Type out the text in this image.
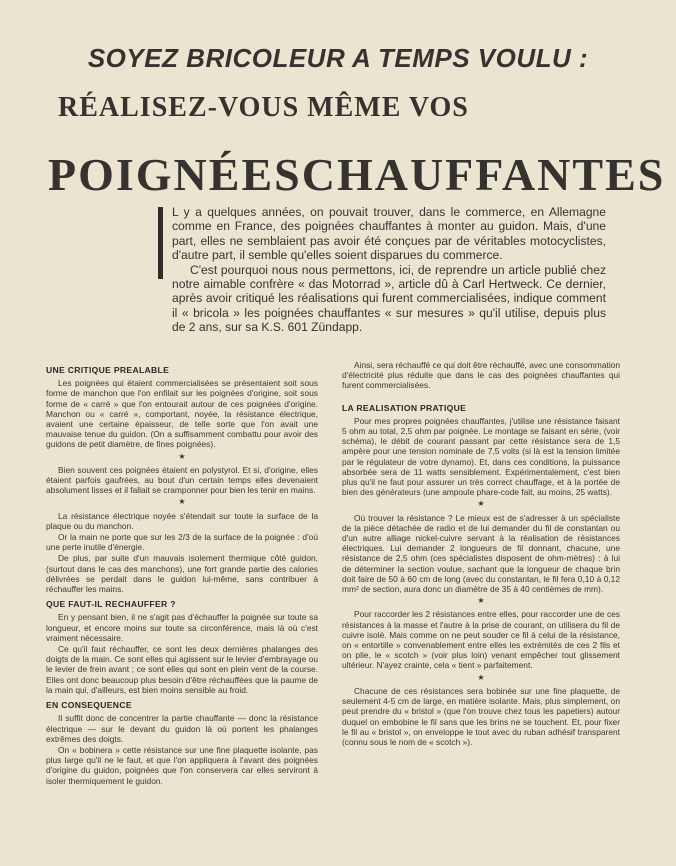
SOYEZ BRICOLEUR A TEMPS VOULU :
RÉALISEZ-VOUS MÊME VOS
POIGNÉES CHAUFFANTES

L y a quelques années, on pouvait trouver, dans le commerce, en Allemagne comme en France, des poignées chauffantes à monter au guidon. Mais, d'une part, elles ne semblaient pas avoir été conçues par de véritables motocyclistes, d'autre part, il semble qu'elles soient disparues du commerce.

C'est pourquoi nous nous permettons, ici, de reprendre un article publié chez notre aimable confrère « das Motorrad », article dû à Carl Hertweck. Ce dernier, après avoir critiqué les réalisations qui furent commercialisées, indique comment il « bricola » les poignées chauffantes « sur mesures » qu'il utilise, depuis plus de 2 ans, sur sa K.S. 601 Zündapp.

UNE CRITIQUE PREALABLE

Les poignées qui étaient commercialisées se présentaient soit sous forme de manchon que l'on enfilait sur les poignées d'origine, soit sous forme de « carré » que l'on entourait autour de ces poignées d'origine. Manchon ou « carré », comportant, noyée, la résistance électrique, avaient une certaine épaisseur, de telle sorte que l'on avait une mauvaise tenue du guidon. (On a suffisamment combattu pour avoir des guidons de petit diamètre, de fines poignées).

★

Bien souvent ces poignées étaient en polystyrol. Et si, d'origine, elles étaient parfois gaufrées, au bout d'un certain temps elles devenaient absolument lisses et il fallait se cramponner pour bien les tenir en mains.

★

La résistance électrique noyée s'étendait sur toute la surface de la plaque ou du manchon.

Or la main ne porte que sur les 2/3 de la surface de la poignée : d'où une perte inutile d'énergie.

De plus, par suite d'un mauvais isolement thermique côté guidon, (surtout dans le cas des manchons), une fort grande partie des calories délivrées se perdait dans le guidon lui-même, sans contribuer à réchauffer les mains.

QUE FAUT-IL RECHAUFFER ?

En y pensant bien, il ne s'agit pas d'échauffer la poignée sur toute sa longueur, et encore moins sur toute sa circonférence, mais là où c'est vraiment nécessaire.

Ce qu'il faut réchauffer, ce sont les deux dernières phalanges des doigts de la main. Ce sont elles qui agissent sur le levier d'embrayage ou le levier de frein avant ; ce sont elles qui sont en plein vent de la course. Elles ont donc beaucoup plus besoin d'être réchauffées que la paume de la main qui, d'ailleurs, est bien moins sensible au froid.

EN CONSEQUENCE

Il suffit donc de concentrer la partie chauffante — donc la résistance électrique — sur le devant du guidon là où portent les phalanges extrêmes des doigts.

On « bobinera » cette résistance sur une fine plaquette isolante, pas plus large qu'il ne le faut, et que l'on appliquera à l'avant des poignées d'origine du guidon, poignées que l'on conservera car elles serviront à isoler thermiquement le guidon.

Ainsi, sera réchauffé ce qui doit être réchauffé, avec une consommation d'électricité plus réduite que dans le cas des poignées chauffantes qui furent commercialisées.

LA REALISATION PRATIQUE

Pour mes propres poignées chauffantes, j'utilise une résistance faisant 5 ohm au total, 2,5 ohm par poignée. Le montage se faisant en série, (voir schéma), le débit de courant passant par cette résistance sera de 1,5 ampère pour une tension nominale de 7,5 volts (si là est la tension limitée par le régulateur de votre dynamo). Et, dans ces conditions, la puissance absorbée sera de 11 watts sensiblement. Expérimentalement, c'est bien plus qu'il ne faut pour assurer un très correct chauffage, et à la portée de bien des générateurs (une ampoule phare-code fait, au moins, 25 watts).

★

Où trouver la résistance ? Le mieux est de s'adresser à un spécialiste de la pièce détachée de radio et de lui demander du fil de constantan ou d'un autre alliage nickel-cuivre servant à la réalisation de résistances électriques. Lui demander 2 longueurs de fil donnant, chacune, une résistance de 2,5 ohm (ces spécialistes disposent de ohm-mètres) : à lui de déterminer la section voulue, sachant que la longueur de chaque brin doit faire de 50 à 60 cm de long (avec du constantan, le fil fera 0,10 à 0,12 mm² de section, aura donc un diamètre de 35 à 40 centièmes de mm).

★

Pour raccorder les 2 résistances entre elles, pour raccorder une de ces résistances à la masse et l'autre à la prise de courant, on utilisera du fil de cuivre isolé. Mais comme on ne peut souder ce fil à celui de la résistance, on « entortille » convenablement entre elles les extrémités de ces 2 fils et on plie, le « scotch » (voir plus loin) venant empêcher tout glissement ultérieur. N'ayez crainte, cela « tient » parfaitement.

★

Chacune de ces résistances sera bobinée sur une fine plaquette, de seulement 4-5 cm de large, en matière isolante. Mais, plus simplement, on peut prendre du « bristol » (que l'on trouve chez tous les papetiers) autour duquel on embobine le fil sans que les brins ne se touchent. Et, pour fixer le fil au « bristol », on enveloppe le tout avec du ruban adhésif transparent (connu sous le nom de « scotch »).
